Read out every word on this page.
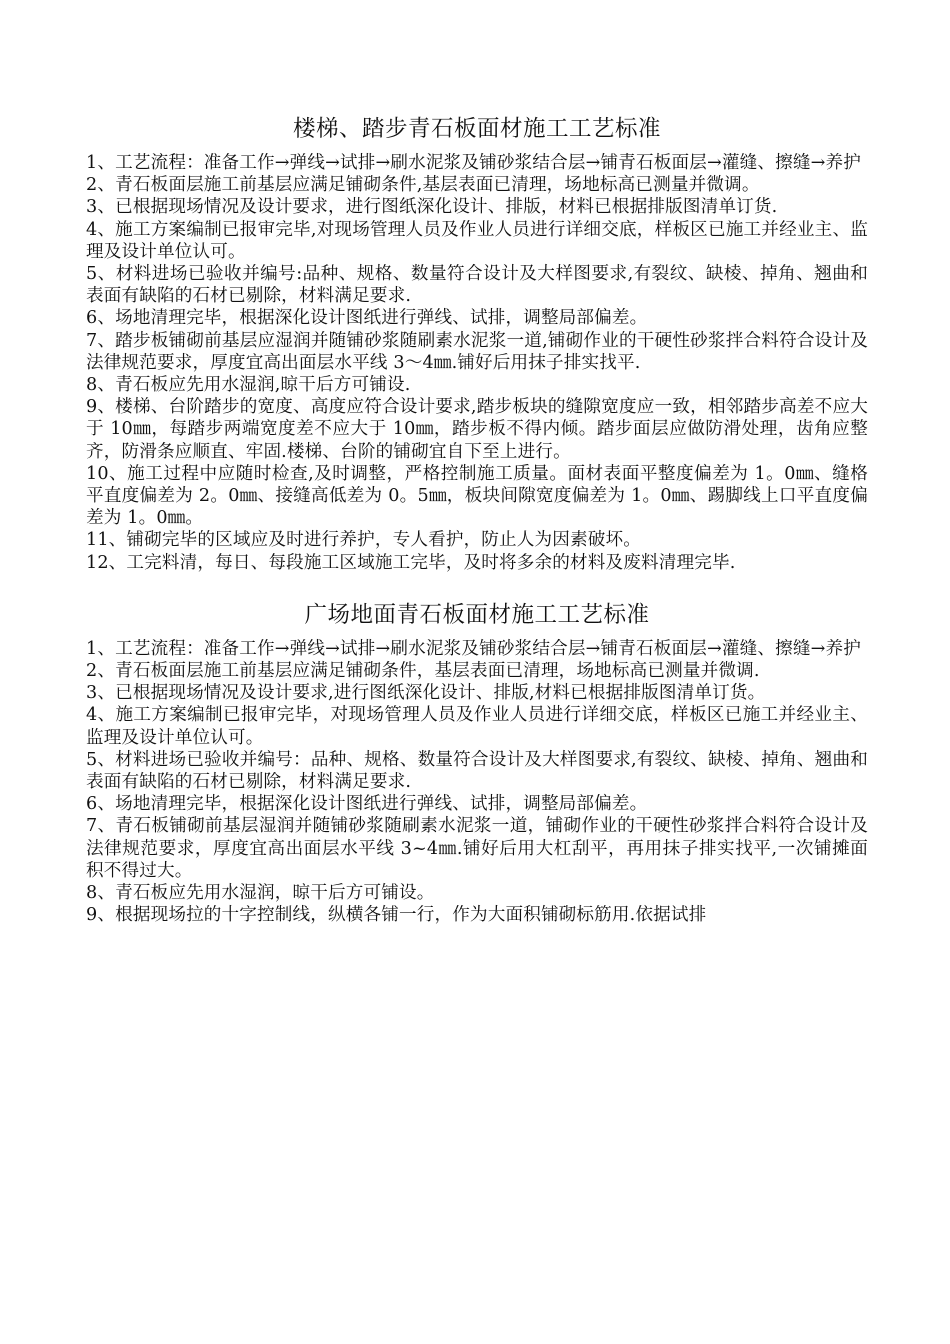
楼梯、踏步青石板面材施工工艺标准

1、工艺流程：准备工作→弹线→试排→刷水泥浆及铺砂浆结合层→铺青石板面层→灌缝、擦缝→养护

2、青石板面层施工前基层应满足铺砌条件,基层表面已清理，场地标高已测量并微调。

3、已根据现场情况及设计要求，进行图纸深化设计、排版，材料已根据排版图清单订货.

4、施工方案编制已报审完毕,对现场管理人员及作业人员进行详细交底，样板区已施工并经业主、监理及设计单位认可。

5、材料进场已验收并编号:品种、规格、数量符合设计及大样图要求,有裂纹、缺棱、掉角、翘曲和表面有缺陷的石材已剔除，材料满足要求.

6、场地清理完毕，根据深化设计图纸进行弹线、试排，调整局部偏差。

7、踏步板铺砌前基层应湿润并随铺砂浆随刷素水泥浆一道,铺砌作业的干硬性砂浆拌合料符合设计及法律规范要求，厚度宜高出面层水平线 3～4㎜.铺好后用抹子排实找平.

8、青石板应先用水湿润,晾干后方可铺设.

9、楼梯、台阶踏步的宽度、高度应符合设计要求,踏步板块的缝隙宽度应一致，相邻踏步高差不应大于 10㎜，每踏步两端宽度差不应大于 10㎜，踏步板不得内倾。踏步面层应做防滑处理，齿角应整齐，防滑条应顺直、牢固.楼梯、台阶的铺砌宜自下至上进行。

10、施工过程中应随时检查,及时调整，严格控制施工质量。面材表面平整度偏差为 1。0㎜、缝格平直度偏差为 2。0㎜、接缝高低差为 0。5㎜，板块间隙宽度偏差为 1。0㎜、踢脚线上口平直度偏差为 1。0㎜。

11、铺砌完毕的区域应及时进行养护，专人看护，防止人为因素破坏。

12、工完料清，每日、每段施工区域施工完毕，及时将多余的材料及废料清理完毕.

广场地面青石板面材施工工艺标准

1、工艺流程：准备工作→弹线→试排→刷水泥浆及铺砂浆结合层→铺青石板面层→灌缝、擦缝→养护

2、青石板面层施工前基层应满足铺砌条件，基层表面已清理，场地标高已测量并微调.

3、已根据现场情况及设计要求,进行图纸深化设计、排版,材料已根据排版图清单订货。

4、施工方案编制已报审完毕，对现场管理人员及作业人员进行详细交底，样板区已施工并经业主、监理及设计单位认可。

5、材料进场已验收并编号：品种、规格、数量符合设计及大样图要求,有裂纹、缺棱、掉角、翘曲和表面有缺陷的石材已剔除，材料满足要求.

6、场地清理完毕，根据深化设计图纸进行弹线、试排，调整局部偏差。

7、青石板铺砌前基层湿润并随铺砂浆随刷素水泥浆一道，铺砌作业的干硬性砂浆拌合料符合设计及法律规范要求，厚度宜高出面层水平线 3~4㎜.铺好后用大杠刮平，再用抹子排实找平,一次铺摊面积不得过大。

8、青石板应先用水湿润，晾干后方可铺设。

9、根据现场拉的十字控制线，纵横各铺一行，作为大面积铺砌标筋用.依据试排
